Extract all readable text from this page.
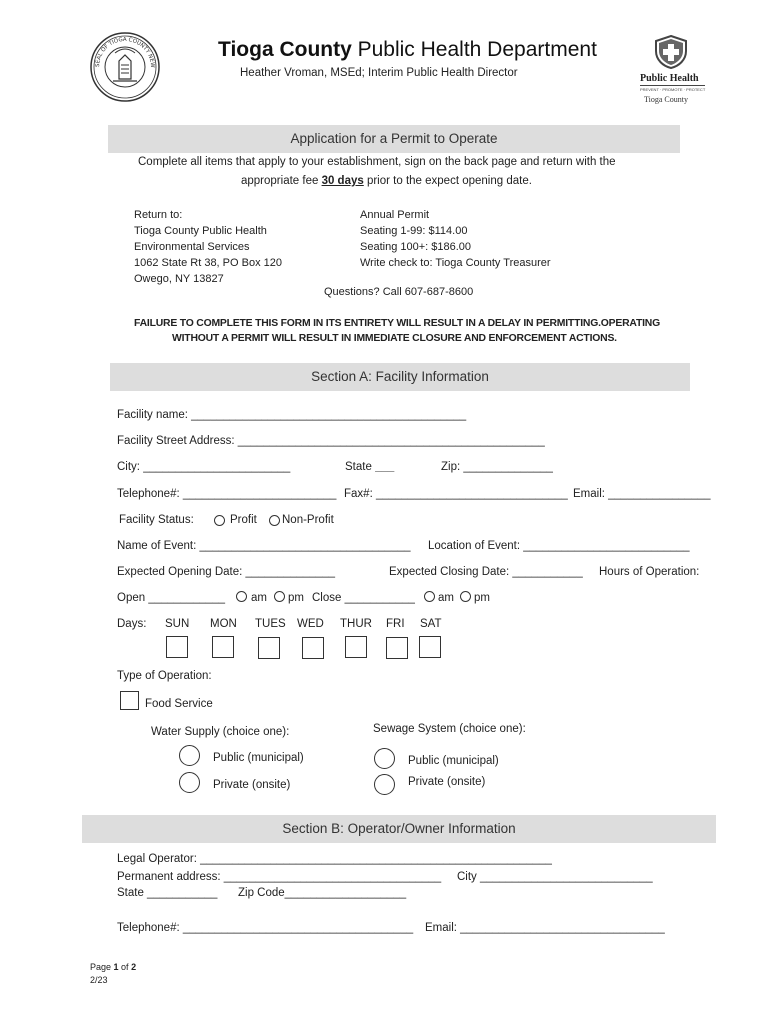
SEAL OF TIOGA COUNTY NEW
Tioga County Public Health Department
Heather Vroman, MSEd; Interim Public Health Director	Public Health
PREVENT · PROMOTE · PROTECT
Tioga County
Application for a Permit to Operate
Complete all items that apply to your establishment, sign on the back page and return with the
appropriate fee 30 days prior to the expect opening date.
Return to:
Tioga County Public Health
Environmental Services
1062 State Rt 38, PO Box 120
Owego, NY 13827
Annual Permit
Seating 1-99: $114.00
Seating 100+: $186.00
Write check to: Tioga County Treasurer
Questions? Call 607-687-8600
FAILURE TO COMPLETE THIS FORM IN ITS ENTIRETY WILL RESULT IN A DELAY IN PERMITTING.OPERATING
WITHOUT A PERMIT WILL RESULT IN IMMEDIATE CLOSURE AND ENFORCEMENT ACTIONS.
Section A: Facility Information
Facility name: ___________________________________________
Facility Street Address: ________________________________________________
City: _______________________	State ___	Zip: ______________
Telephone#: ________________________ Fax#: ______________________________ Email: ________________
Facility Status:	Profit Non-Profit
Name of Event: _________________________________ Location of Event: __________________________
Expected Opening Date: ______________	Expected Closing Date: ___________ Hours of Operation:
Open ____________ am pm Close ___________ am pm
Days: SUN MON TUES WED THUR FRI SAT
Type of Operation:
Food Service
Water Supply (choice one):
Public (municipal)
Private (onsite)
Sewage System (choice one):
Public (municipal)
Private (onsite)
Section B: Operator/Owner Information
Legal Operator: _______________________________________________________
Permanent address: __________________________________ City ___________________________
State ___________ Zip Code___________________
Telephone#: ____________________________________ Email: ________________________________
Page 1 of 2
2/23
